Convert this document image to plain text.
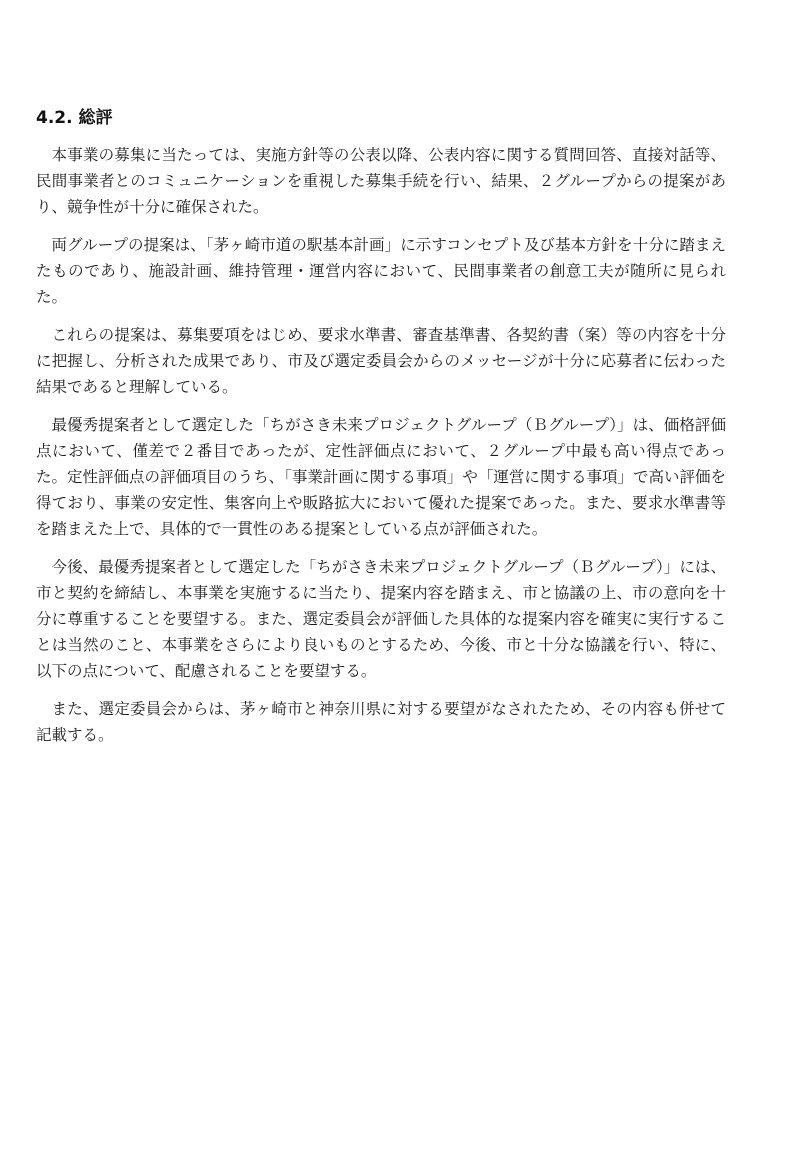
4.2. 総評

本事業の募集に当たっては、実施方針等の公表以降、公表内容に関する質問回答、直接対話等、民間事業者とのコミュニケーションを重視した募集手続を行い、結果、２グループからの提案があり、競争性が十分に確保された。

両グループの提案は、「茅ヶ崎市道の駅基本計画」に示すコンセプト及び基本方針を十分に踏まえたものであり、施設計画、維持管理・運営内容において、民間事業者の創意工夫が随所に見られた。

これらの提案は、募集要項をはじめ、要求水準書、審査基準書、各契約書（案）等の内容を十分に把握し、分析された成果であり、市及び選定委員会からのメッセージが十分に応募者に伝わった結果であると理解している。

最優秀提案者として選定した「ちがさき未来プロジェクトグループ（Ｂグループ）」は、価格評価点において、僅差で２番目であったが、定性評価点において、２グループ中最も高い得点であった。定性評価点の評価項目のうち、「事業計画に関する事項」や「運営に関する事項」で高い評価を得ており、事業の安定性、集客向上や販路拡大において優れた提案であった。また、要求水準書等を踏まえた上で、具体的で一貫性のある提案としている点が評価された。

今後、最優秀提案者として選定した「ちがさき未来プロジェクトグループ（Ｂグループ）」には、市と契約を締結し、本事業を実施するに当たり、提案内容を踏まえ、市と協議の上、市の意向を十分に尊重することを要望する。また、選定委員会が評価した具体的な提案内容を確実に実行することは当然のこと、本事業をさらにより良いものとするため、今後、市と十分な協議を行い、特に、以下の点について、配慮されることを要望する。

また、選定委員会からは、茅ヶ崎市と神奈川県に対する要望がなされたため、その内容も併せて記載する。
